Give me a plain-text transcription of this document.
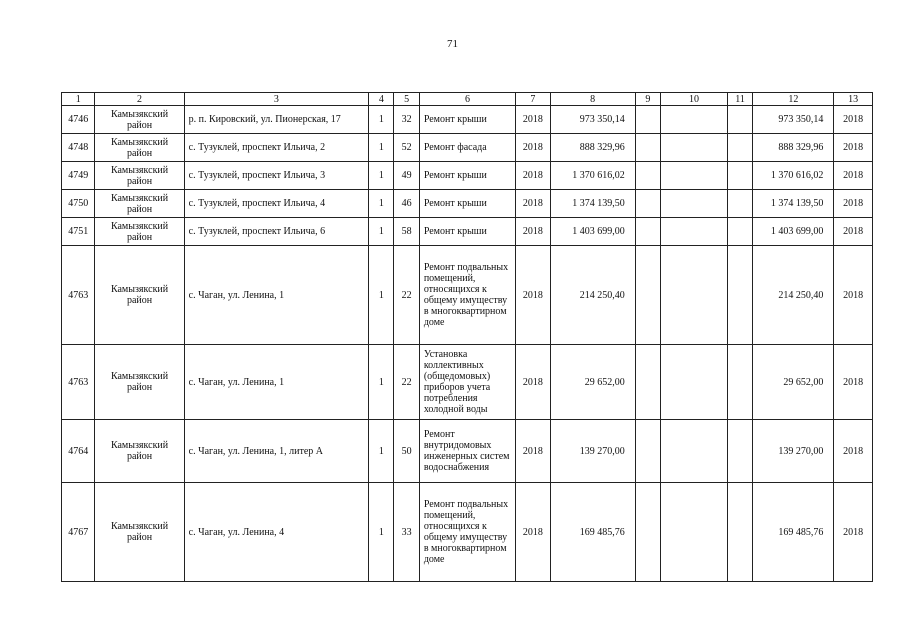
71
1	2	3	4	5	6	7	8	9	10	11	12	13
4746	Камызякский район	р. п. Кировский, ул. Пионерская, 17	1	32	Ремонт крыши	2018	973 350,14				973 350,14	2018
4748	Камызякский район	с. Тузуклей, проспект Ильича, 2	1	52	Ремонт фасада	2018	888 329,96				888 329,96	2018
4749	Камызякский район	с. Тузуклей, проспект Ильича, 3	1	49	Ремонт крыши	2018	1 370 616,02				1 370 616,02	2018
4750	Камызякский район	с. Тузуклей, проспект Ильича, 4	1	46	Ремонт крыши	2018	1 374 139,50				1 374 139,50	2018
4751	Камызякский район	с. Тузуклей, проспект Ильича, 6	1	58	Ремонт крыши	2018	1 403 699,00				1 403 699,00	2018
4763	Камызякский район	с. Чаган, ул. Ленина, 1	1	22	Ремонт подвальных помещений, относящихся к общему имуществу в многоквартирном доме	2018	214 250,40				214 250,40	2018
4763	Камызякский район	с. Чаган, ул. Ленина, 1	1	22	Установка коллективных (общедомовых) приборов учета потребления холодной воды	2018	29 652,00				29 652,00	2018
4764	Камызякский район	с. Чаган, ул. Ленина, 1, литер А	1	50	Ремонт внутридомовых инженерных систем водоснабжения	2018	139 270,00				139 270,00	2018
4767	Камызякский район	с. Чаган, ул. Ленина, 4	1	33	Ремонт подвальных помещений, относящихся к общему имуществу в многоквартирном доме	2018	169 485,76				169 485,76	2018
